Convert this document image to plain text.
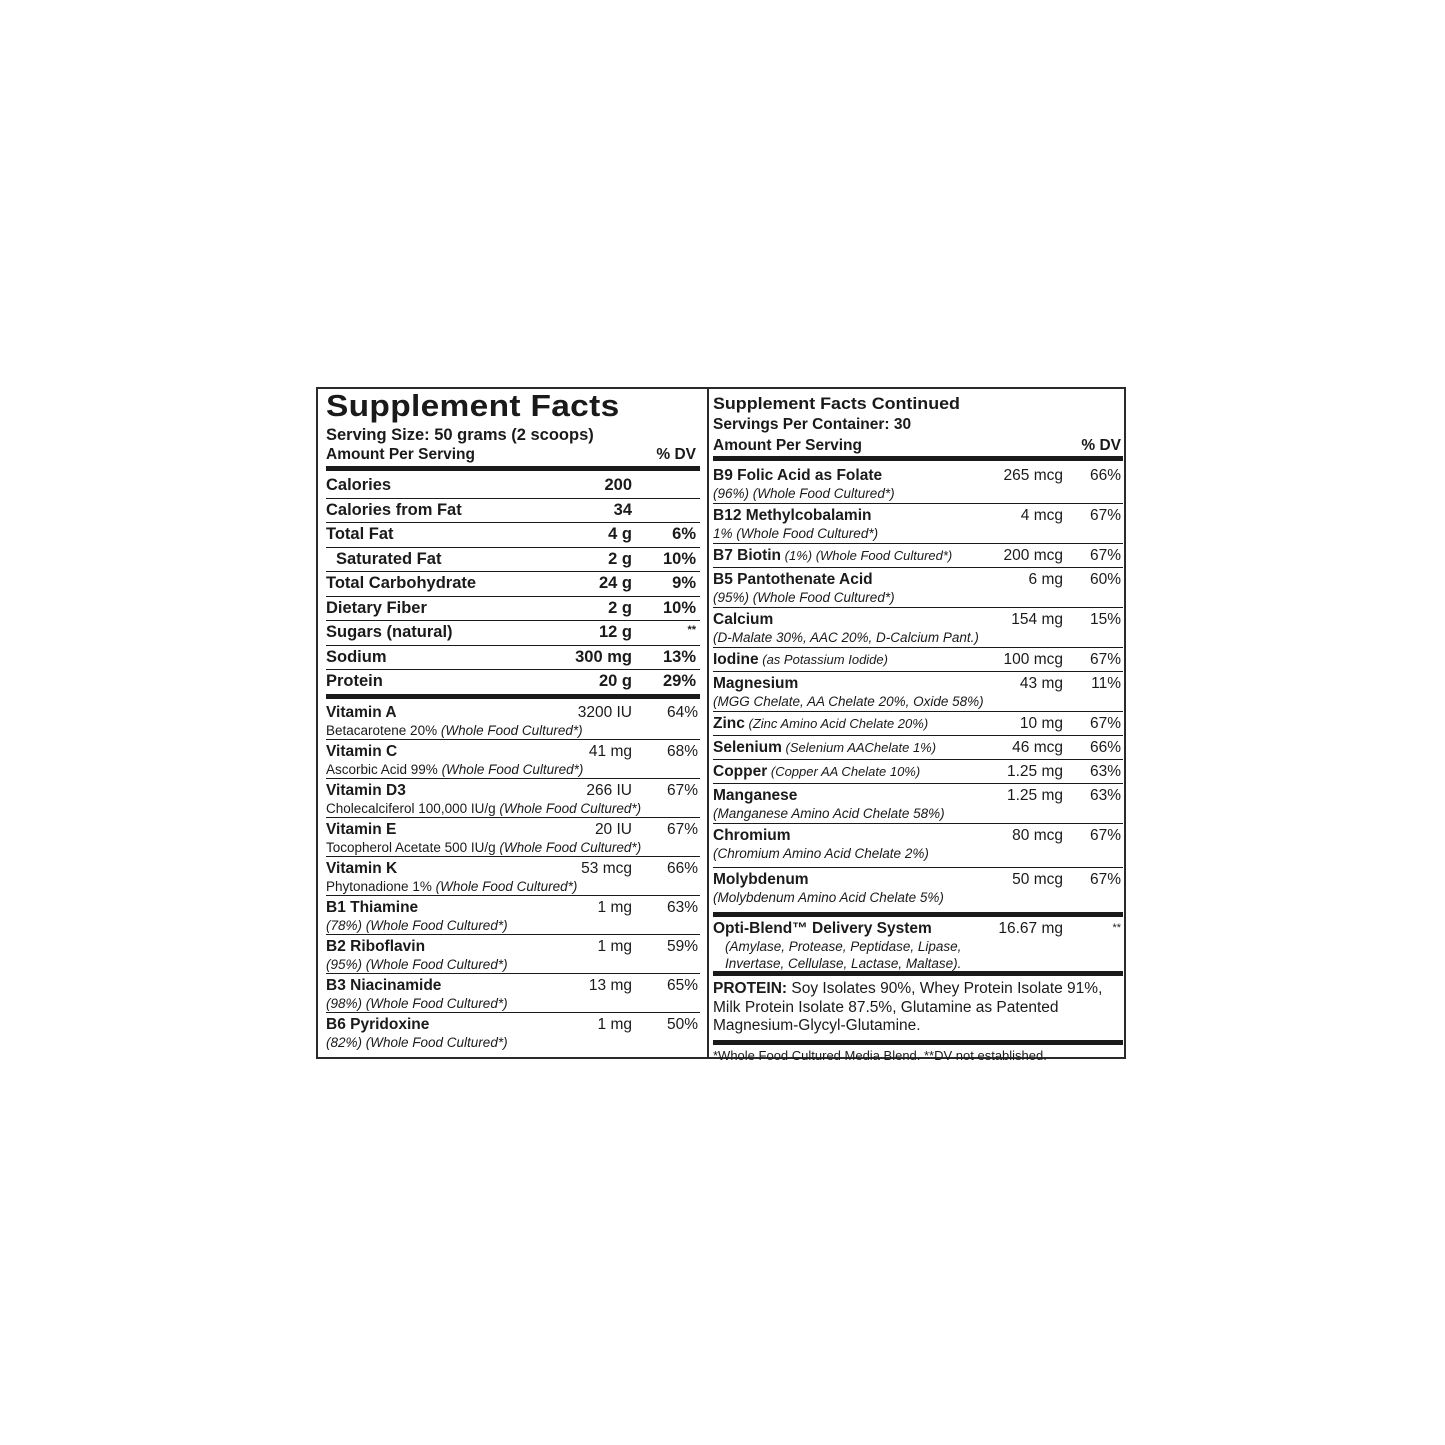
Supplement Facts
Serving Size: 50 grams (2 scoops)
Amount Per Serving	% DV
Calories	200
Calories from Fat	34
Total Fat	4 g	6%
Saturated Fat	2 g	10%
Total Carbohydrate	24 g	9%
Dietary Fiber	2 g	10%
Sugars (natural)	12 g	**
Sodium	300 mg	13%
Protein	20 g	29%
Vitamin A	3200 IU	64%
Betacarotene 20% (Whole Food Cultured*)
Vitamin C	41 mg	68%
Ascorbic Acid 99% (Whole Food Cultured*)
Vitamin D3	266 IU	67%
Cholecalciferol 100,000 IU/g (Whole Food Cultured*)
Vitamin E	20 IU	67%
Tocopherol Acetate 500 IU/g (Whole Food Cultured*)
Vitamin K	53 mcg	66%
Phytonadione 1% (Whole Food Cultured*)
B1 Thiamine	1 mg	63%
(78%) (Whole Food Cultured*)
B2 Riboflavin	1 mg	59%
(95%) (Whole Food Cultured*)
B3 Niacinamide	13 mg	65%
(98%) (Whole Food Cultured*)
B6 Pyridoxine	1 mg	50%
(82%) (Whole Food Cultured*)
Supplement Facts Continued
Servings Per Container: 30
Amount Per Serving	% DV
B9 Folic Acid as Folate	265 mcg	66%
(96%) (Whole Food Cultured*)
B12 Methylcobalamin	4 mcg	67%
1% (Whole Food Cultured*)
B7 Biotin (1%) (Whole Food Cultured*)	200 mcg	67%
B5 Pantothenate Acid	6 mg	60%
(95%) (Whole Food Cultured*)
Calcium	154 mg	15%
(D-Malate 30%, AAC 20%, D-Calcium Pant.)
Iodine (as Potassium Iodide)	100 mcg	67%
Magnesium	43 mg	11%
(MGG Chelate, AA Chelate 20%, Oxide 58%)
Zinc (Zinc Amino Acid Chelate 20%)	10 mg	67%
Selenium (Selenium AAChelate 1%)	46 mcg	66%
Copper (Copper AA Chelate 10%)	1.25 mg	63%
Manganese	1.25 mg	63%
(Manganese Amino Acid Chelate 58%)
Chromium	80 mcg	67%
(Chromium Amino Acid Chelate 2%)
Molybdenum	50 mcg	67%
(Molybdenum Amino Acid Chelate 5%)
Opti-Blend™ Delivery System	16.67 mg	**
(Amylase, Protease, Peptidase, Lipase,
Invertase, Cellulase, Lactase, Maltase).
PROTEIN: Soy Isolates 90%, Whey Protein Isolate 91%, Milk Protein Isolate 87.5%, Glutamine as Patented Magnesium-Glycyl-Glutamine.
*Whole Food Cultured Media Blend. **DV not established.
